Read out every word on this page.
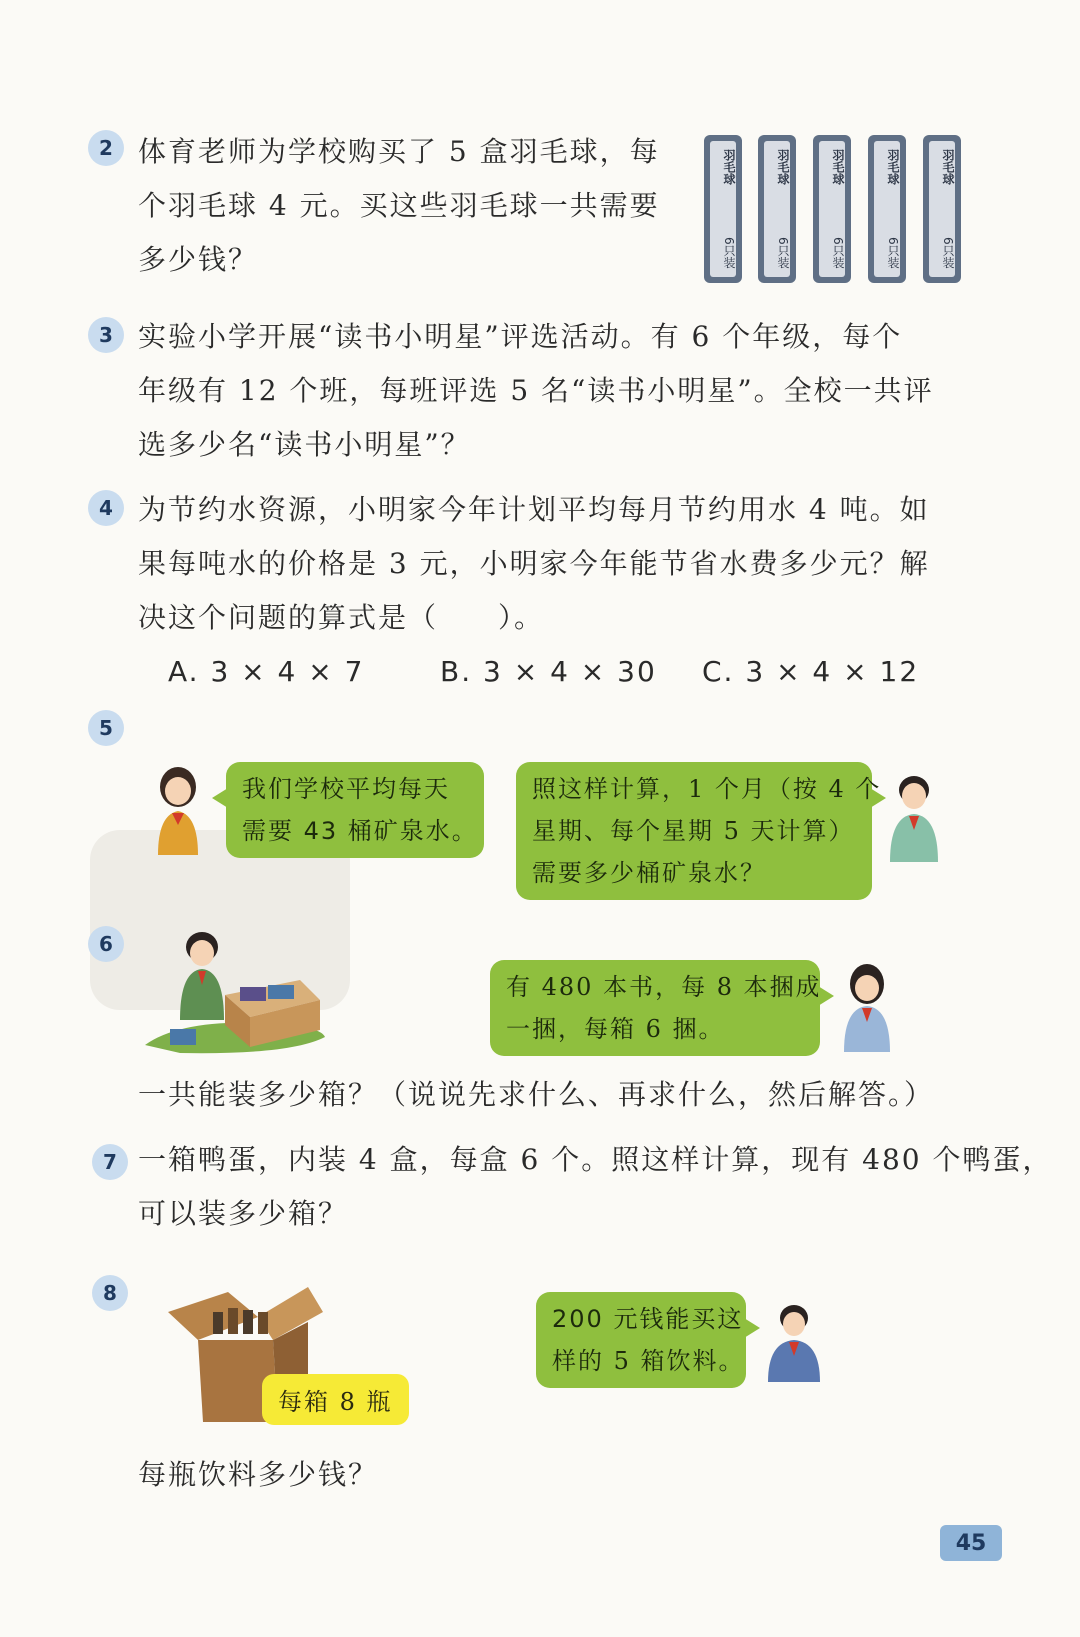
2 体育老师为学校购买了 5 盒羽毛球，每
个羽毛球 4 元。买这些羽毛球一共需要
多少钱？
羽毛球
6只装
羽毛球
6只装
羽毛球
6只装
羽毛球
6只装
羽毛球
6只装
3 实验小学开展“读书小明星”评选活动。有 6 个年级，每个
年级有 12 个班，每班评选 5 名“读书小明星”。全校一共评
选多少名“读书小明星”？
4 为节约水资源，小明家今年计划平均每月节约用水 4 吨。如
果每吨水的价格是 3 元，小明家今年能节省水费多少元？解
决这个问题的算式是（　　）。
A. 3 × 4 × 7	B. 3 × 4 × 30 C. 3 × 4 × 12
5
我们学校平均每天
需要 43 桶矿泉水。
照这样计算，1 个月（按 4 个
星期、每个星期 5 天计算）
需要多少桶矿泉水？
6
有 480 本书，每 8 本捆成
一捆，每箱 6 捆。
一共能装多少箱？（说说先求什么、再求什么，然后解答。）
7 一箱鸭蛋，内装 4 盒，每盒 6 个。照这样计算，现有 480 个鸭蛋，
可以装多少箱？
8
每箱 8 瓶
200 元钱能买这
样的 5 箱饮料。
每瓶饮料多少钱？
45
